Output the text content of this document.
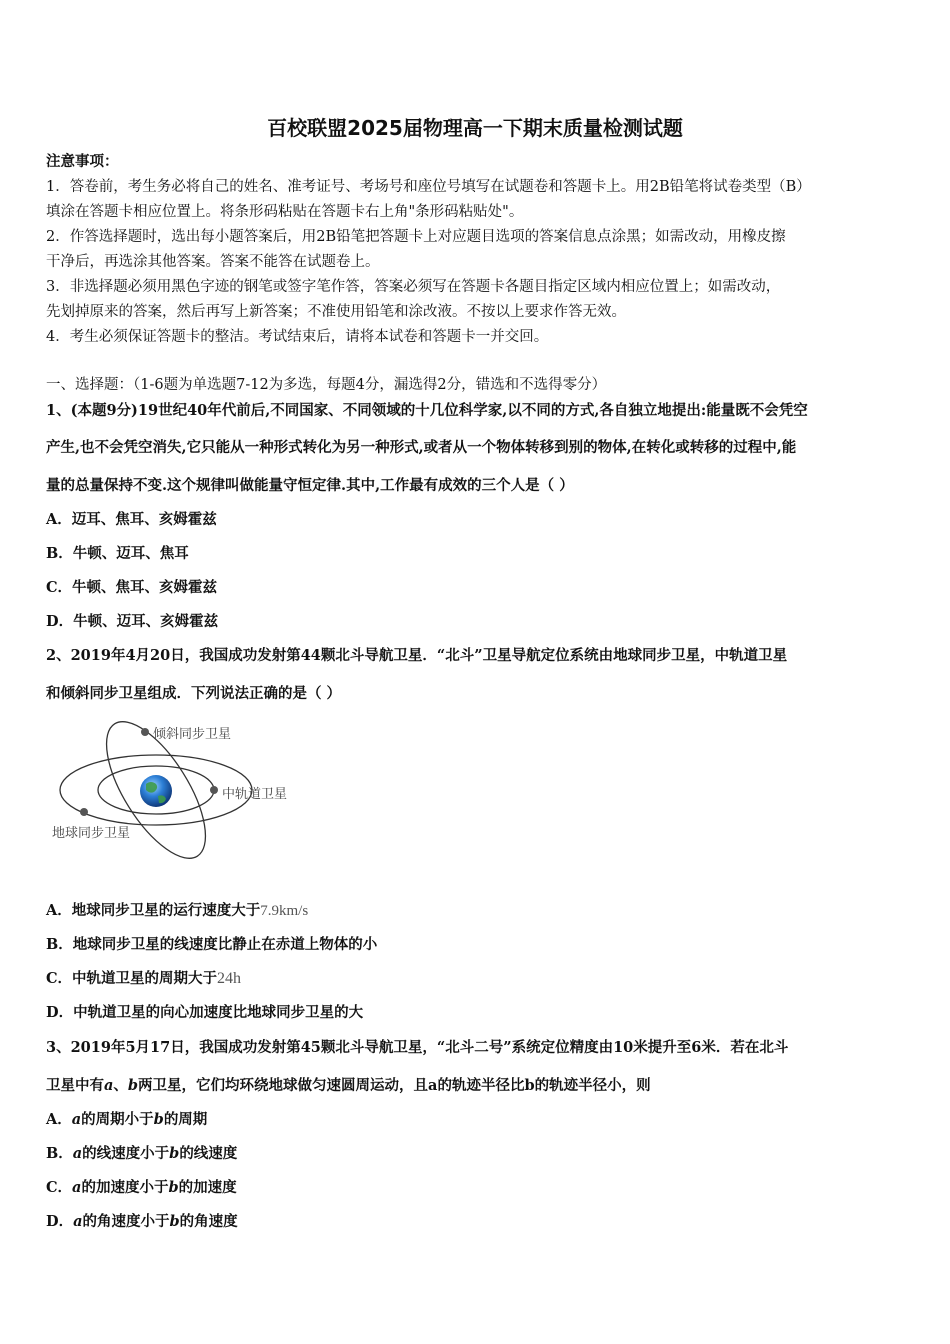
百校联盟2025届物理高一下期末质量检测试题
注意事项：
1．答卷前，考生务必将自己的姓名、准考证号、考场号和座位号填写在试题卷和答题卡上。用2B铅笔将试卷类型（B）
填涂在答题卡相应位置上。将条形码粘贴在答题卡右上角"条形码粘贴处"。
2．作答选择题时，选出每小题答案后，用2B铅笔把答题卡上对应题目选项的答案信息点涂黑；如需改动，用橡皮擦
干净后，再选涂其他答案。答案不能答在试题卷上。
3．非选择题必须用黑色字迹的钢笔或签字笔作答，答案必须写在答题卡各题目指定区域内相应位置上；如需改动，
先划掉原来的答案，然后再写上新答案；不准使用铅笔和涂改液。不按以上要求作答无效。
4．考生必须保证答题卡的整洁。考试结束后，请将本试卷和答题卡一并交回。
一、选择题：（1-6题为单选题7-12为多选，每题4分，漏选得2分，错选和不选得零分）
1、(本题9分)19世纪40年代前后,不同国家、不同领域的十几位科学家,以不同的方式,各自独立地提出:能量既不会凭空
产生,也不会凭空消失,它只能从一种形式转化为另一种形式,或者从一个物体转移到别的物体,在转化或转移的过程中,能
量的总量保持不变.这个规律叫做能量守恒定律.其中,工作最有成效的三个人是（ ）
A．迈耳、焦耳、亥姆霍兹
B．牛顿、迈耳、焦耳
C．牛顿、焦耳、亥姆霍兹
D．牛顿、迈耳、亥姆霍兹
2、2019年4月20日，我国成功发射第44颗北斗导航卫星．“北斗”卫星导航定位系统由地球同步卫星，中轨道卫星
和倾斜同步卫星组成．下列说法正确的是（ ）
倾斜同步卫星
中轨道卫星
地球同步卫星
A．地球同步卫星的运行速度大于7.9km/s
B．地球同步卫星的线速度比静止在赤道上物体的小
C．中轨道卫星的周期大于24h
D．中轨道卫星的向心加速度比地球同步卫星的大
3、2019年5月17日，我国成功发射第45颗北斗导航卫星，“北斗二号”系统定位精度由10米提升至6米．若在北斗
卫星中有a、b两卫星，它们均环绕地球做匀速圆周运动，且a的轨迹半径比b的轨迹半径小，则
A．a的周期小于b的周期
B．a的线速度小于b的线速度
C．a的加速度小于b的加速度
D．a的角速度小于b的角速度
